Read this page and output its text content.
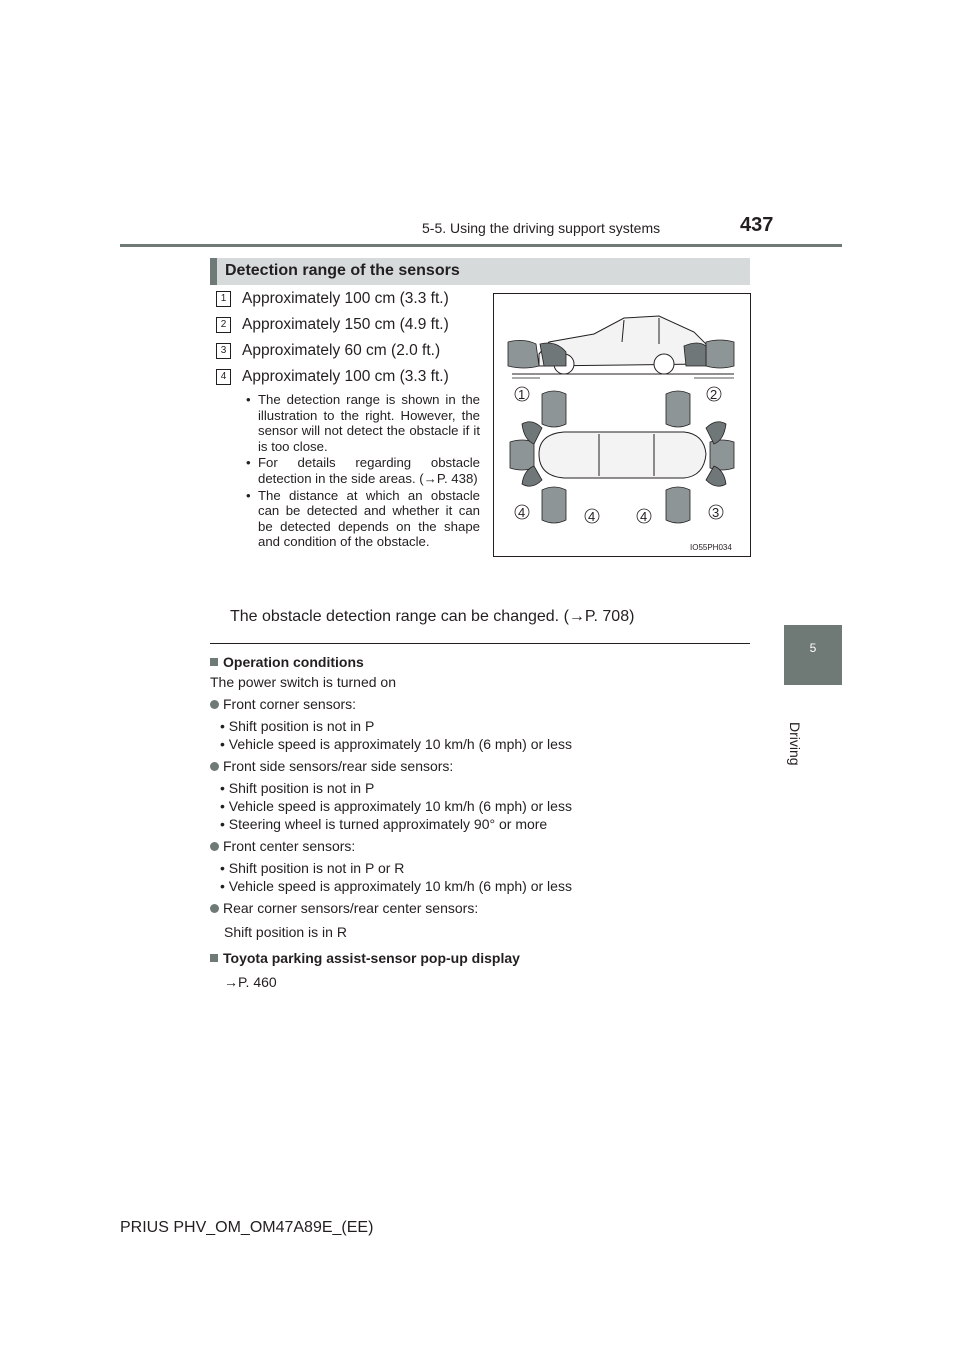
5-5. Using the driving support systems	437
5
Driving
Detection range of the sensors
1 Approximately 100 cm (3.3 ft.)
2 Approximately 150 cm (4.9 ft.)
3 Approximately 60 cm (2.0 ft.)
4 Approximately 100 cm (3.3 ft.)
• The detection range is shown in the illustration to the right. However, the sensor will not detect the obstacle if it is too close.
• For details regarding obstacle detection in the side areas. (→P. 438)
• The distance at which an obstacle can be detected and whether it can be detected depends on the shape and condition of the obstacle.
1	2
4	4	4	3
IO55PH034
The obstacle detection range can be changed. (→P. 708)
Operation conditions
The power switch is turned on
Front corner sensors:
• Shift position is not in P
• Vehicle speed is approximately 10 km/h (6 mph) or less
Front side sensors/rear side sensors:
• Shift position is not in P
• Vehicle speed is approximately 10 km/h (6 mph) or less
• Steering wheel is turned approximately 90° or more
Front center sensors:
• Shift position is not in P or R
• Vehicle speed is approximately 10 km/h (6 mph) or less
Rear corner sensors/rear center sensors:
Shift position is in R
Toyota parking assist-sensor pop-up display
→P. 460
PRIUS PHV_OM_OM47A89E_(EE)
